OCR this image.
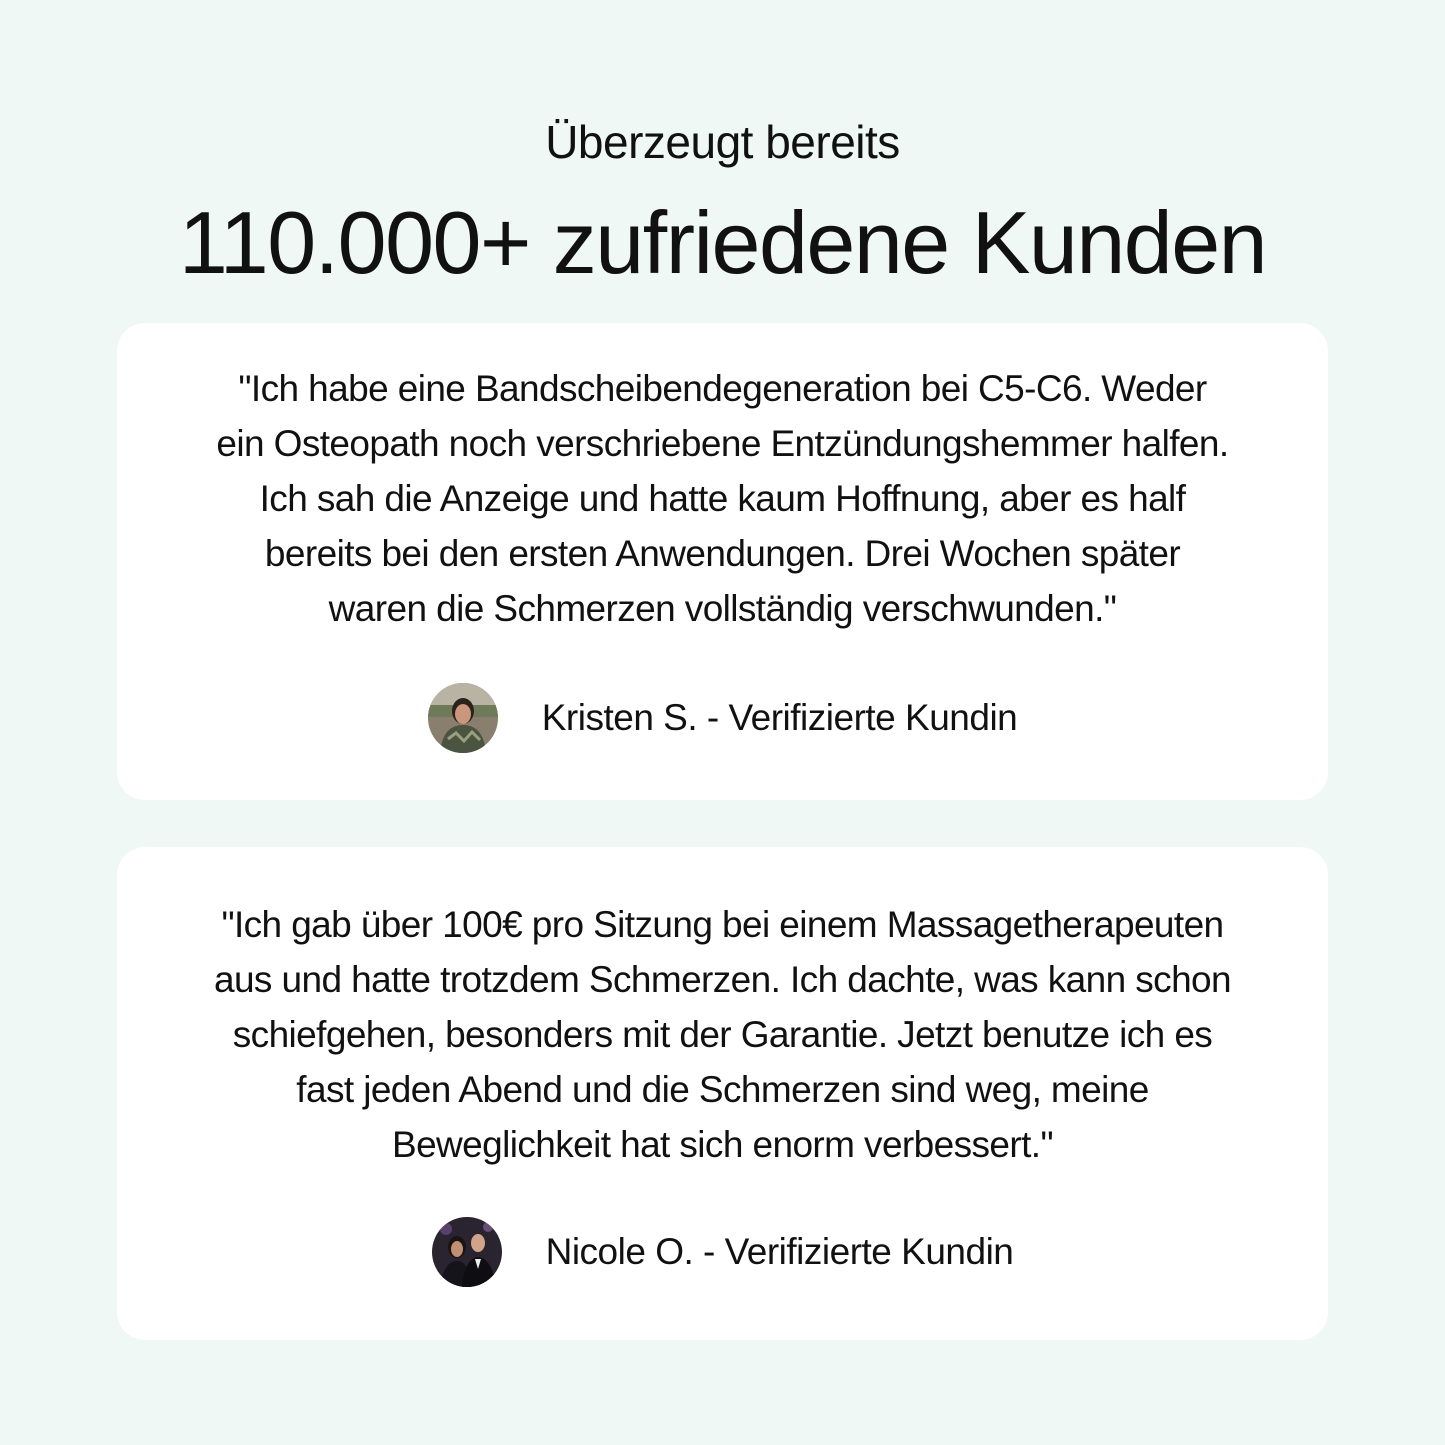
Überzeugt bereits
110.000+ zufriedene Kunden

"Ich habe eine Bandscheibendegeneration bei C5-C6. Weder
ein Osteopath noch verschriebene Entzündungshemmer halfen.
Ich sah die Anzeige und hatte kaum Hoffnung, aber es half
bereits bei den ersten Anwendungen. Drei Wochen später
waren die Schmerzen vollständig verschwunden."

Kristen S. - Verifizierte Kundin

"Ich gab über 100€ pro Sitzung bei einem Massagetherapeuten
aus und hatte trotzdem Schmerzen. Ich dachte, was kann schon
schiefgehen, besonders mit der Garantie. Jetzt benutze ich es
fast jeden Abend und die Schmerzen sind weg, meine
Beweglichkeit hat sich enorm verbessert."

Nicole O. - Verifizierte Kundin
